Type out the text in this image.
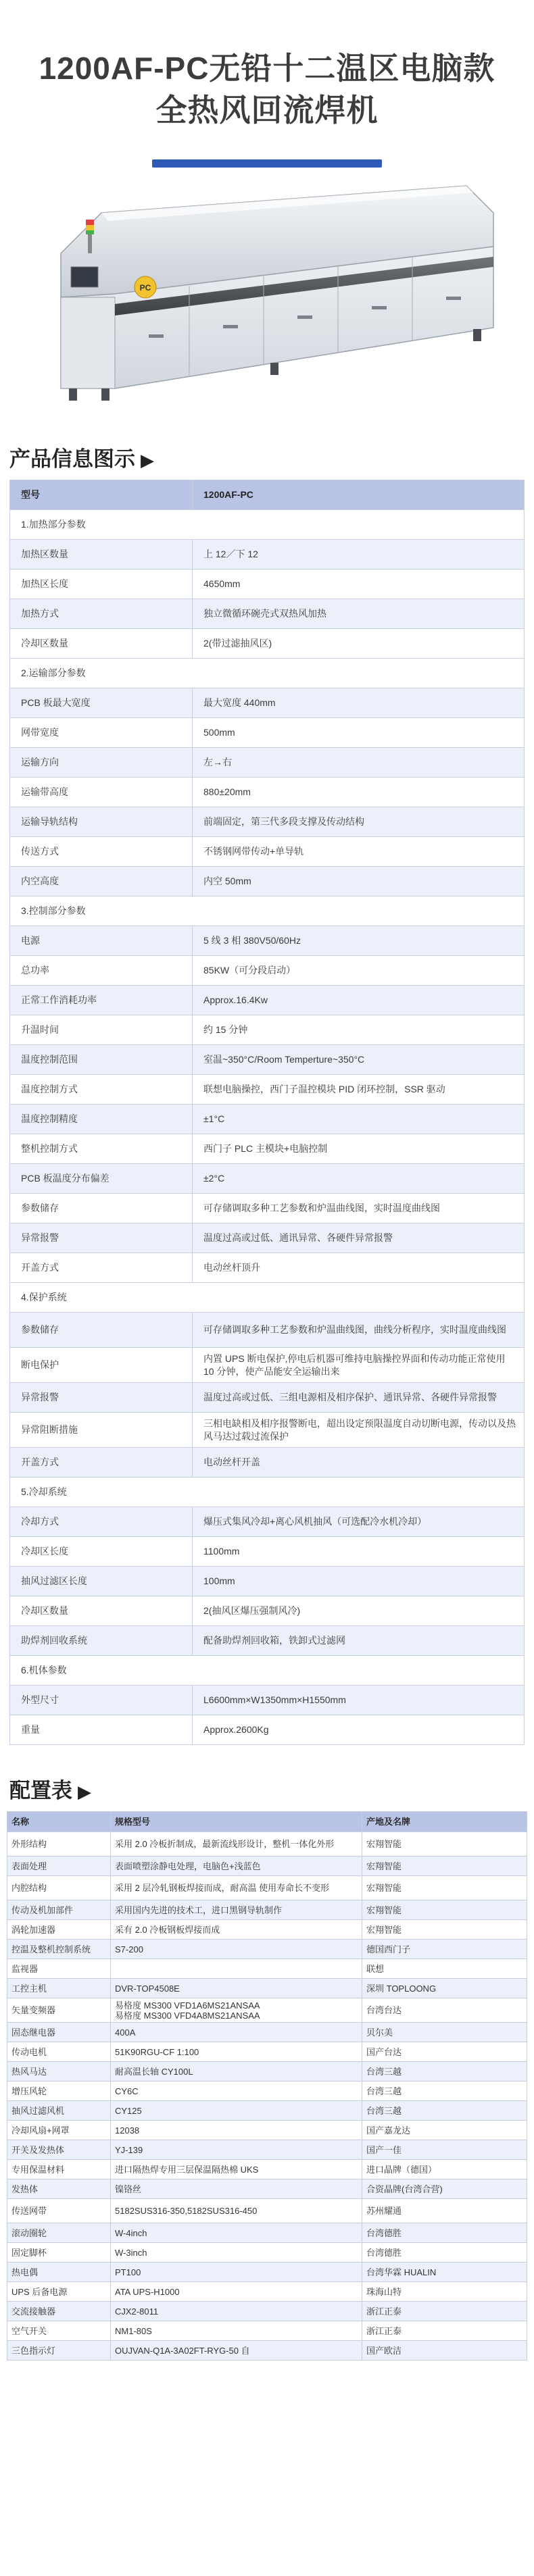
1200AF-PC无铅十二温区电脑款
全热风回流焊机
PC
产品信息图示 ▶
型号	1200AF-PC
1.加热部分参数	
加热区数量	上 12／下 12
加热区长度	4650mm
加热方式	独立微循环碗壳式双热风加热
冷却区数量	2(带过滤抽风区)
2.运输部分参数	
PCB 板最大宽度	最大宽度 440mm
网带宽度	500mm
运输方向	左→右
运输带高度	880±20mm
运输导轨结构	前端固定，第三代多段支撑及传动结构
传送方式	不锈钢网带传动+单导轨
内空高度	内空 50mm
3.控制部分参数	
电源	5 线 3 相 380V50/60Hz
总功率	85KW（可分段启动）
正常工作消耗功率	Approx.16.4Kw
升温时间	约 15 分钟
温度控制范围	室温~350°C/Room Temperture~350°C
温度控制方式	联想电脑操控，西门子温控模块 PID 闭环控制，SSR 驱动
温度控制精度	±1°C
整机控制方式	西门子 PLC 主模块+电脑控制
PCB 板温度分布偏差	±2°C
参数储存	可存储调取多种工艺参数和炉温曲线图，实时温度曲线图
异常报警	温度过高或过低、通讯异常、各硬件异常报警
开盖方式	电动丝杆顶升
4.保护系统	
参数储存	可存储调取多种工艺参数和炉温曲线图，曲线分析程序，实时温度曲线图
断电保护	内置 UPS 断电保护,停电后机器可维持电脑操控界面和传动功能正常使用 10 分钟，使产品能安全运输出来
异常报警	温度过高或过低、三组电源相及相序保护、通讯异常、各硬件异常报警
异常阻断措施	三相电缺相及相序报警断电，超出设定预限温度自动切断电源，传动以及热风马达过载过流保护
开盖方式	电动丝杆开盖
5.冷却系统	
冷却方式	爆压式集风冷却+离心风机抽风（可选配冷水机冷却）
冷却区长度	1100mm
抽风过滤区长度	100mm
冷却区数量	2(抽风区爆压强制风冷)
助焊剂回收系统	配备助焊剂回收箱，铁卸式过滤网
6.机体参数	
外型尺寸	L6600mm×W1350mm×H1550mm
重量	Approx.2600Kg
配置表 ▶
名称	规格型号	产地及名牌
外形结构	采用 2.0 冷板折制成，最新流线形设计，整机一体化外形	宏翔智能
表面处理	表面喷塑涂静电处理，电脑色+浅蓝色	宏翔智能
内腔结构	采用 2 层冷轧钢板焊接而成，耐高温 使用寿命长不变形	宏翔智能
传动及机加部件	采用国内先进的技术工，进口黑钢导轨制作	宏翔智能
涡轮加速器	采有 2.0 冷板钢板焊接而成	宏翔智能
控温及整机控制系统	S7-200	德国西门子
监视器		联想
工控主机	DVR-TOP4508E	深圳 TOPLOONG
矢量变频器	易格度 MS300 VFD1A6MS21ANSAA
易格度 MS300 VFD4A8MS21ANSAA	台湾台达
固态继电器	400A	贝尔美
传动电机	51K90RGU-CF 1:100	国产台达
热风马达	耐高温长轴 CY100L	台湾三越
增压风轮	CY6C	台湾三越
抽风过滤风机	CY125	台湾三越
冷却风扇+网罩	12038	国产嘉龙达
开关及发热体	YJ-139	国产一佳
专用保温材料	进口隔热焊专用三层保温隔热棉 UKS	进口晶牌（德国）
发热体	镍铬丝	合资晶牌(台湾合营)
传送网带	5182SUS316-350,5182SUS316-450	苏州耀通
滚动圈轮	W-4inch	台湾德胜
固定脚杯	W-3inch	台湾德胜
热电偶	PT100	台湾华霖 HUALIN
UPS 后备电源	ATA UPS-H1000	珠海山特
交流接触器	CJX2-8011	浙江正泰
空气开关	NM1-80S	浙江正泰
三色指示灯	OUJVAN-Q1A-3A02FT-RYG-50 自	国产欧洁
